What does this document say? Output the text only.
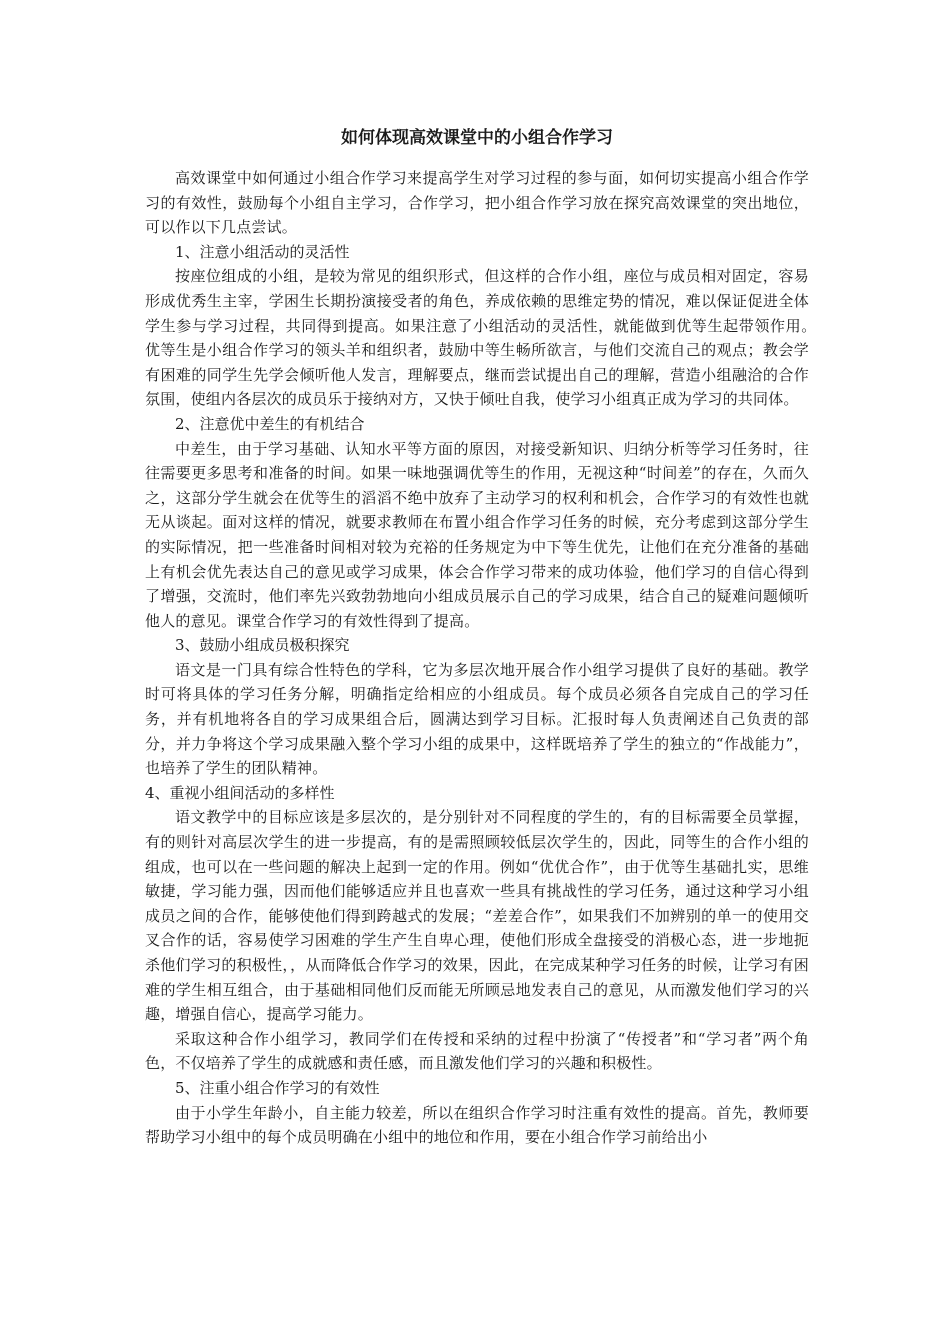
如何体现高效课堂中的小组合作学习

高效课堂中如何通过小组合作学习来提高学生对学习过程的参与面，如何切实提高小组合作学习的有效性，鼓励每个小组自主学习，合作学习，把小组合作学习放在探究高效课堂的突出地位，可以作以下几点尝试。

1、注意小组活动的灵活性

按座位组成的小组，是较为常见的组织形式，但这样的合作小组，座位与成员相对固定，容易形成优秀生主宰，学困生长期扮演接受者的角色，养成依赖的思维定势的情况，难以保证促进全体学生参与学习过程，共同得到提高。如果注意了小组活动的灵活性，就能做到优等生起带领作用。　　优等生是小组合作学习的领头羊和组织者，鼓励中等生畅所欲言，与他们交流自己的观点；教会学有困难的同学生先学会倾听他人发言，理解要点，继而尝试提出自己的理解，营造小组融洽的合作氛围，使组内各层次的成员乐于接纳对方，又快于倾吐自我，使学习小组真正成为学习的共同体。

2、注意优中差生的有机结合

中差生，由于学习基础、认知水平等方面的原因，对接受新知识、归纳分析等学习任务时，往往需要更多思考和准备的时间。如果一味地强调优等生的作用，无视这种“时间差”的存在，久而久之，这部分学生就会在优等生的滔滔不绝中放弃了主动学习的权利和机会，合作学习的有效性也就无从谈起。面对这样的情况，就要求教师在布置小组合作学习任务的时候，充分考虑到这部分学生的实际情况，把一些准备时间相对较为充裕的任务规定为中下等生优先，让他们在充分准备的基础上有机会优先表达自己的意见或学习成果，体会合作学习带来的成功体验，他们学习的自信心得到了增强，交流时，他们率先兴致勃勃地向小组成员展示自己的学习成果，结合自己的疑难问题倾听他人的意见。课堂合作学习的有效性得到了提高。

3、鼓励小组成员极积探究

语文是一门具有综合性特色的学科，它为多层次地开展合作小组学习提供了良好的基础。教学时可将具体的学习任务分解，明确指定给相应的小组成员。每个成员必须各自完成自己的学习任务，并有机地将各自的学习成果组合后，圆满达到学习目标。汇报时每人负责阐述自己负责的部分，并力争将这个学习成果融入整个学习小组的成果中，这样既培养了学生的独立的“作战能力”，也培养了学生的团队精神。

4、重视小组间活动的多样性

语文教学中的目标应该是多层次的，是分别针对不同程度的学生的，有的目标需要全员掌握，有的则针对高层次学生的进一步提高，有的是需照顾较低层次学生的，因此，同等生的合作小组的组成，也可以在一些问题的解决上起到一定的作用。例如“优优合作”，由于优等生基础扎实，思维敏捷，学习能力强，因而他们能够适应并且也喜欢一些具有挑战性的学习任务，通过这种学习小组成员之间的合作，能够使他们得到跨越式的发展；“差差合作”，如果我们不加辨别的单一的使用交叉合作的话，容易使学习困难的学生产生自卑心理，使他们形成全盘接受的消极心态，进一步地扼杀他们学习的积极性，，从而降低合作学习的效果，因此，在完成某种学习任务的时候，让学习有困难的学生相互组合，由于基础相同他们反而能无所顾忌地发表自己的意见，从而激发他们学习的兴趣，增强自信心，提高学习能力。

采取这种合作小组学习，教同学们在传授和采纳的过程中扮演了“传授者”和“学习者”两个角色，不仅培养了学生的成就感和责任感，而且激发他们学习的兴趣和积极性。

5、注重小组合作学习的有效性

由于小学生年龄小，自主能力较差，所以在组织合作学习时注重有效性的提高。首先，教师要帮助学习小组中的每个成员明确在小组中的地位和作用，要在小组合作学习前给出小
